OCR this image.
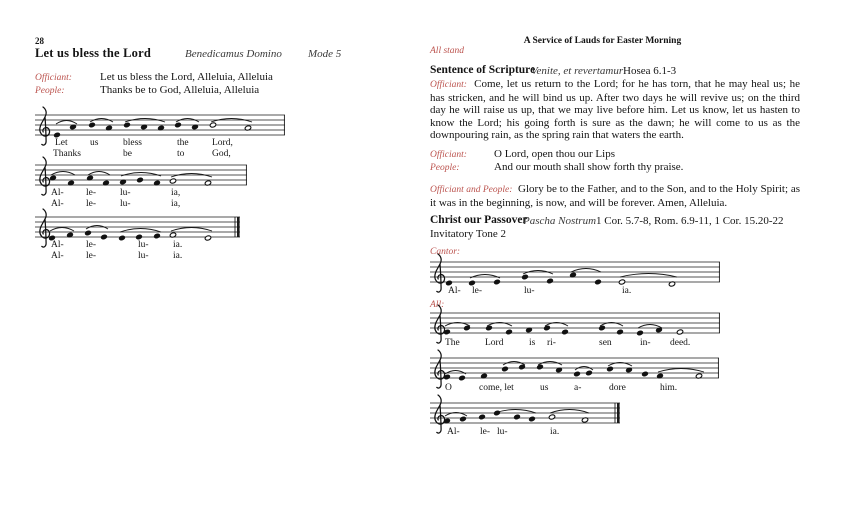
28
Let us bless the Lord	Benedicamus Domino Mode 5
Officiant:	Let us bless the Lord, Alleluia, Alleluia
People:	Thanks be to God, Alleluia, Alleluia
A Service of Lauds for Easter Morning
All stand
Sentence of Scripture
Venite, et revertamur Hosea 6.1-3
Officiant: Come, let us return to the Lord; for he has torn, that he may heal us; he has stricken, and he will bind us up. After two days he will revive us; on the third day he will raise us up, that we may live before him. Let us know, let us hasten to know the Lord; his going forth is sure as the dawn; he will come to us as the downpouring rain, as the spring rain that waters the earth.
Officiant: O Lord, open thou our Lips
People:	And our mouth shall show forth thy praise.
Officiant and People: Glory be to the Father, and to the Son, and to the Holy Spirit; as it was in the beginning, is now, and will be forever. Amen, Alleluia.
Christ our Passover
Pascha Nostrum 1 Cor. 5.7-8, Rom. 6.9-11, 1 Cor. 15.20-22
Invitatory Tone 2
Cantor:
All:
Let us	bless	the Lord,
Thanks	be	to	God,
Al- le-	lu-	ia,
Al- le-	lu-	ia,
Al- le-	lu-	ia.
Al- le-	lu-	ia.
Al- le-	lu-	ia.
The	Lord	is ri-	sen	in- deed.
O	come, let	us	a-	dore	him.
Al- le- lu-	ia.
